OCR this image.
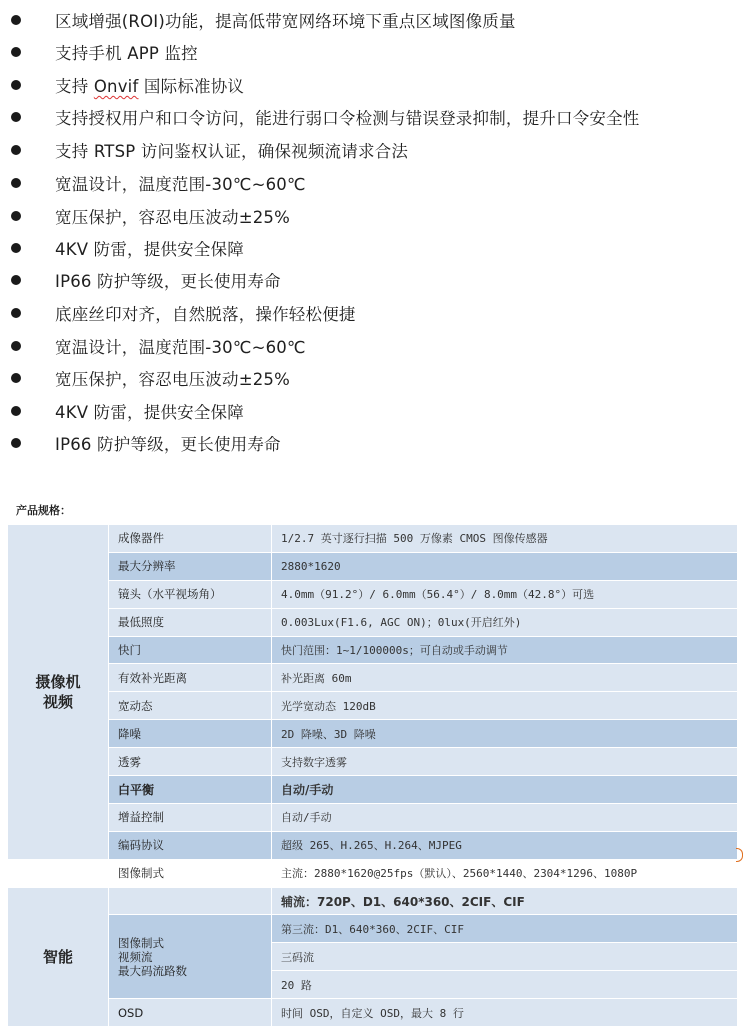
区域增强(ROI)功能，提高低带宽网络环境下重点区域图像质量
支持手机 APP 监控
支持 Onvif 国际标准协议
支持授权用户和口令访问，能进行弱口令检测与错误登录抑制，提升口令安全性
支持 RTSP 访问鉴权认证，确保视频流请求合法
宽温设计，温度范围-30℃~60℃
宽压保护，容忍电压波动±25%
4KV 防雷，提供安全保障
IP66 防护等级，更长使用寿命
底座丝印对齐，自然脱落，操作轻松便捷
宽温设计，温度范围-30℃~60℃
宽压保护，容忍电压波动±25%
4KV 防雷，提供安全保障
IP66 防护等级，更长使用寿命
产品规格：
摄像机
视频	成像器件	1/2.7 英寸逐行扫描 500 万像素 CMOS 图像传感器
	最大分辨率	2880*1620
	镜头（水平视场角）	4.0mm（91.2°）/ 6.0mm（56.4°）/ 8.0mm（42.8°）可选
	最低照度	0.003Lux(F1.6, AGC ON)；0lux(开启红外)
	快门	快门范围：1~1/100000s；可自动或手动调节
	有效补光距离	补光距离 60m
	宽动态	光学宽动态 120dB
	降噪	2D 降噪、3D 降噪
	透雾	支持数字透雾
	白平衡	自动/手动
	增益控制	自动/手动
	编码协议	超级 265、H.265、H.264、MJPEG
	图像制式	主流：2880*1620@25fps（默认）、2560*1440、2304*1296、1080P
智能		辅流：720P、D1、640*360、2CIF、CIF
	图像制式
视频流
最大码流路数	第三流：D1、640*360、2CIF、CIF
		三码流
		20 路
	OSD	时间 OSD，自定义 OSD，最大 8 行
